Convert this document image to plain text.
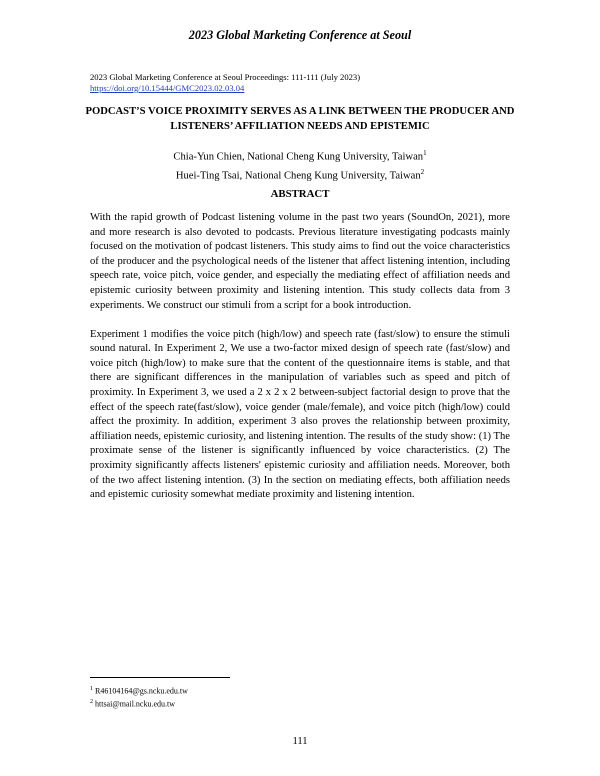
2023 Global Marketing Conference at Seoul
2023 Global Marketing Conference at Seoul Proceedings: 111-111 (July 2023)
https://doi.org/10.15444/GMC2023.02.03.04
PODCAST’S VOICE PROXIMITY SERVES AS A LINK BETWEEN THE PRODUCER AND LISTENERS’ AFFILIATION NEEDS AND EPISTEMIC
Chia-Yun Chien, National Cheng Kung University, Taiwan$^1$
Huei-Ting Tsai, National Cheng Kung University, Taiwan$^2$
ABSTRACT

With the rapid growth of Podcast listening volume in the past two years (SoundOn, 2021), more and more research is also devoted to podcasts. Previous literature investigating podcasts mainly focused on the motivation of podcast listeners. This study aims to find out the voice characteristics of the producer and the psychological needs of the listener that affect listening intention, including speech rate, voice pitch, voice gender, and especially the mediating effect of affiliation needs and epistemic curiosity between proximity and listening intention. This study collects data from 3 experiments. We construct our stimuli from a script for a book introduction.

Experiment 1 modifies the voice pitch (high/low) and speech rate (fast/slow) to ensure the stimuli sound natural. In Experiment 2, We use a two-factor mixed design of speech rate (fast/slow) and voice pitch (high/low) to make sure that the content of the questionnaire items is stable, and that there are significant differences in the manipulation of variables such as speed and pitch of proximity. In Experiment 3, we used a 2 x 2 x 2 between-subject factorial design to prove that the effect of the speech rate(fast/slow), voice gender (male/female), and voice pitch (high/low) could affect the proximity. In addition, experiment 3 also proves the relationship between proximity, affiliation needs, epistemic curiosity, and listening intention. The results of the study show: (1) The proximate sense of the listener is significantly influenced by voice characteristics. (2) The proximity significantly affects listeners' epistemic curiosity and affiliation needs. Moreover, both of the two affect listening intention. (3) In the section on mediating effects, both affiliation needs and epistemic curiosity somewhat mediate proximity and listening intention.

$^1$ R46104164@gs.ncku.edu.tw
$^2$ httsai@mail.ncku.edu.tw
111
